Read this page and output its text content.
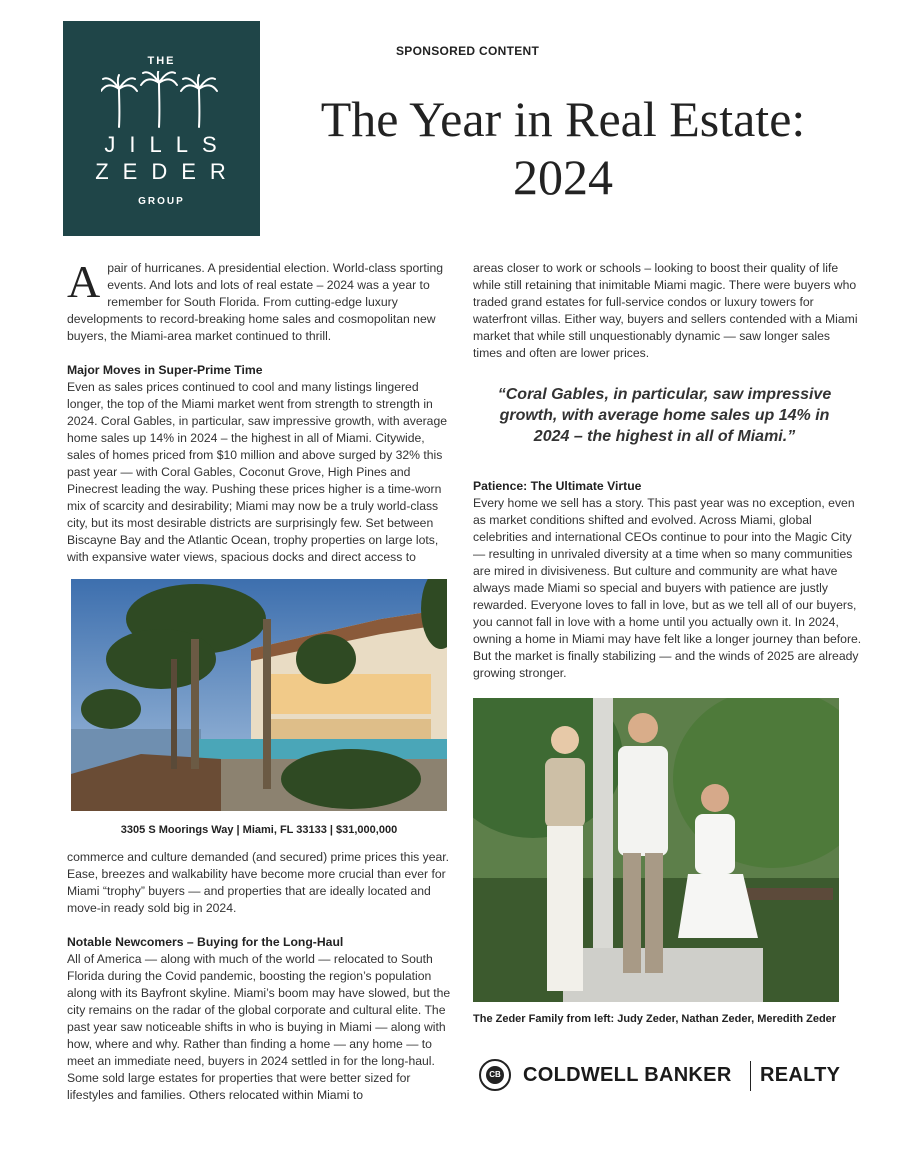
THE
JILLS
ZEDER
GROUP
SPONSORED CONTENT
The Year in Real Estate:
2024
A pair of hurricanes. A presidential election. World-class sporting events. And lots and lots of real estate – 2024 was a year to remember for South Florida. From cutting-edge luxury developments to record-breaking home sales and cosmopolitan new buyers, the Miami-area market continued to thrill.

Major Moves in Super-Prime Time

Even as sales prices continued to cool and many listings lingered longer, the top of the Miami market went from strength to strength in 2024. Coral Gables, in particular, saw impressive growth, with average home sales up 14% in 2024 – the highest in all of Miami. Citywide, sales of homes priced from $10 million and above surged by 32% this past year — with Coral Gables, Coconut Grove, High Pines and Pinecrest leading the way. Pushing these prices higher is a time-worn mix of scarcity and desirability; Miami may now be a truly world-class city, but its most desirable districts are surprisingly few. Set between Biscayne Bay and the Atlantic Ocean, trophy properties on large lots, with expansive water views, spacious docks and direct access to

3305 S Moorings Way | Miami, FL 33133 | $31,000,000

commerce and culture demanded (and secured) prime prices this year. Ease, breezes and walkability have become more crucial than ever for Miami “trophy” buyers — and properties that are ideally located and move-in ready sold big in 2024.

Notable Newcomers – Buying for the Long-Haul

All of America — along with much of the world — relocated to South Florida during the Covid pandemic, boosting the region’s population along with its Bayfront skyline. Miami’s boom may have slowed, but the city remains on the radar of the global corporate and cultural elite. The past year saw noticeable shifts in who is buying in Miami — along with how, where and why. Rather than finding a home — any home — to meet an immediate need, buyers in 2024 settled in for the long-haul. Some sold large estates for properties that were better sized for lifestyles and families. Others relocated within Miami to

areas closer to work or schools – looking to boost their quality of life while still retaining that inimitable Miami magic. There were buyers who traded grand estates for full-service condos or luxury towers for waterfront villas. Either way, buyers and sellers contended with a Miami market that while still unquestionably dynamic — saw longer sales times and often are lower prices.

“Coral Gables, in particular, saw impressive growth, with average home sales up 14% in 2024 – the highest in all of Miami.”

Patience: The Ultimate Virtue

Every home we sell has a story. This past year was no exception, even as market conditions shifted and evolved. Across Miami, global celebrities and international CEOs continue to pour into the Magic City — resulting in unrivaled diversity at a time when so many communities are mired in divisiveness. But culture and community are what have always made Miami so special and buyers with patience are justly rewarded. Everyone loves to fall in love, but as we tell all of our buyers, you cannot fall in love with a home until you actually own it. In 2024, owning a home in Miami may have felt like a longer journey than before. But the market is finally stabilizing — and the winds of 2025 are already growing stronger.

The Zeder Family from left: Judy Zeder, Nathan Zeder, Meredith Zeder
CB COLDWELL BANKER REALTY
